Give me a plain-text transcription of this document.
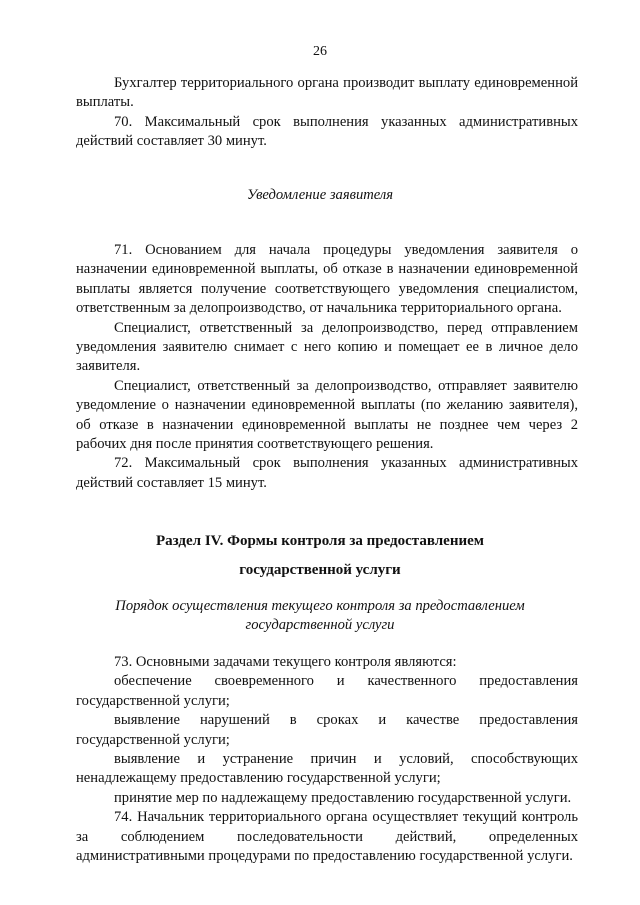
26

Бухгалтер территориального органа производит выплату единовременной выплаты.

70. Максимальный срок выполнения указанных административных действий составляет 30 минут.

Уведомление заявителя

71. Основанием для начала процедуры уведомления заявителя о назначении единовременной выплаты, об отказе в назначении единовременной выплаты является получение соответствующего уведомления специалистом, ответственным за делопроизводство, от начальника территориального органа.

Специалист, ответственный за делопроизводство, перед отправлением уведомления заявителю снимает с него копию и помещает ее в личное дело заявителя.

Специалист, ответственный за делопроизводство, отправляет заявителю уведомление о назначении единовременной выплаты (по желанию заявителя), об отказе в назначении единовременной выплаты не позднее чем через 2 рабочих дня после принятия соответствующего решения.

72. Максимальный срок выполнения указанных административных действий составляет 15 минут.

Раздел IV. Формы контроля за предоставлением
государственной услуги
Порядок осуществления текущего контроля за предоставлением
государственной услуги

73. Основными задачами текущего контроля являются:

обеспечение своевременного и качественного предоставления государственной услуги;

выявление нарушений в сроках и качестве предоставления государственной услуги;

выявление и устранение причин и условий, способствующих ненадлежащему предоставлению государственной услуги;

принятие мер по надлежащему предоставлению государственной услуги.

74. Начальник территориального органа осуществляет текущий контроль за соблюдением последовательности действий, определенных административными процедурами по предоставлению государственной услуги.
